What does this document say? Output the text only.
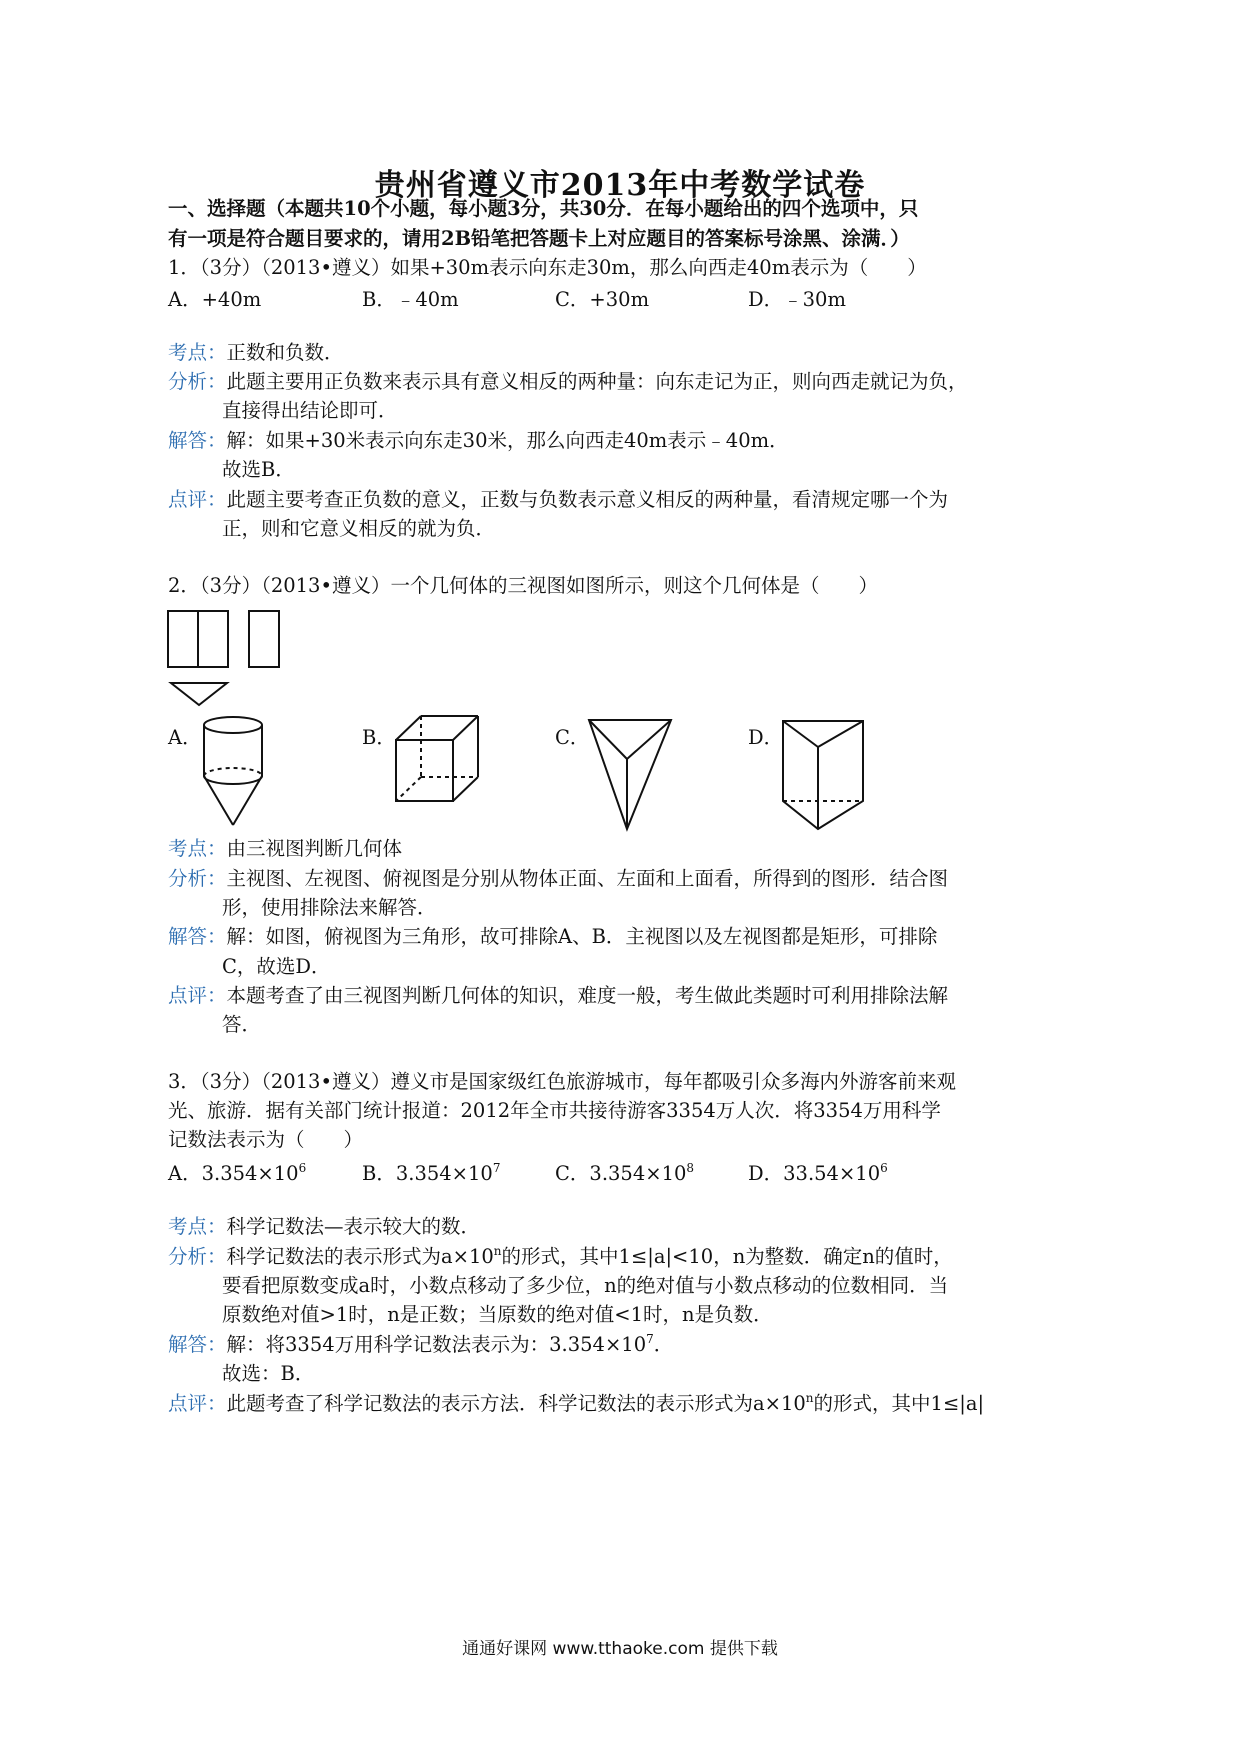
贵州省遵义市2013年中考数学试卷
一、选择题（本题共10个小题，每小题3分，共30分．在每小题给出的四个选项中，只
有一项是符合题目要求的，请用2B铅笔把答题卡上对应题目的答案标号涂黑、涂满．）
1．（3分）（2013•遵义）如果+30m表示向东走30m，那么向西走40m表示为（　　）
A．+40m	B．﹣40m	C．+30m	D．﹣30m
考点：正数和负数．
分析：此题主要用正负数来表示具有意义相反的两种量：向东走记为正，则向西走就记为负，
直接得出结论即可．
解答：解：如果+30米表示向东走30米，那么向西走40m表示﹣40m．
故选B．
点评：此题主要考查正负数的意义，正数与负数表示意义相反的两种量，看清规定哪一个为
正，则和它意义相反的就为负．
2．（3分）（2013•遵义）一个几何体的三视图如图所示，则这个几何体是（　　）
A．	B．	C．	D．
考点：由三视图判断几何体
分析：主视图、左视图、俯视图是分别从物体正面、左面和上面看，所得到的图形．结合图
形，使用排除法来解答．
解答：解：如图，俯视图为三角形，故可排除A、B．主视图以及左视图都是矩形，可排除
C，故选D．
点评：本题考查了由三视图判断几何体的知识，难度一般，考生做此类题时可利用排除法解
答．
3．（3分）（2013•遵义）遵义市是国家级红色旅游城市，每年都吸引众多海内外游客前来观
光、旅游．据有关部门统计报道：2012年全市共接待游客3354万人次．将3354万用科学
记数法表示为（　　）
A．$3.354\times 10^6$	B．$3.354\times 10^7$	C．$3.354\times 10^8$	D．$33.54\times 10^6$
考点：科学记数法—表示较大的数．
分析：科学记数法的表示形式为$a\times 10^n$的形式，其中1≤|a|<10，n为整数．确定n的值时，
要看把原数变成a时，小数点移动了多少位，n的绝对值与小数点移动的位数相同．当
原数绝对值>1时，n是正数；当原数的绝对值<1时，n是负数．
解答：解：将3354万用科学记数法表示为：$3.354\times 10^7$．
故选：B．
点评：此题考查了科学记数法的表示方法．科学记数法的表示形式为$a\times 10^n$的形式，其中1≤|a|
通通好课网 www.tthaoke.com 提供下载
